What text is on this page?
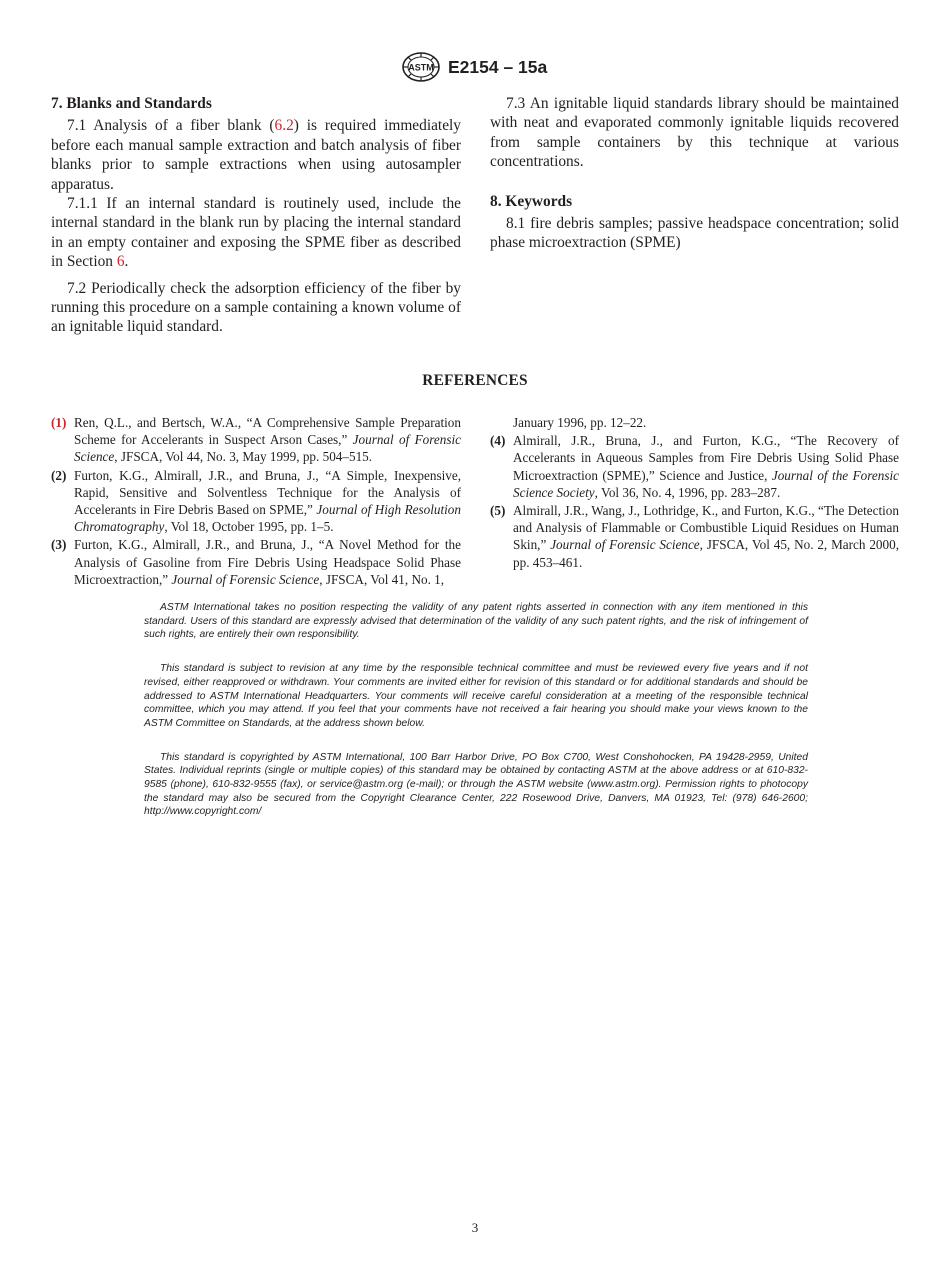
ASTM E2154 – 15a
7. Blanks and Standards

7.1 Analysis of a fiber blank (6.2) is required immediately before each manual sample extraction and batch analysis of fiber blanks prior to sample extractions when using autosampler apparatus.

7.1.1 If an internal standard is routinely used, include the internal standard in the blank run by placing the internal standard in an empty container and exposing the SPME fiber as described in Section 6.

7.2 Periodically check the adsorption efficiency of the fiber by running this procedure on a sample containing a known volume of an ignitable liquid standard.

7.3 An ignitable liquid standards library should be maintained with neat and evaporated commonly ignitable liquids recovered from sample containers by this technique at various concentrations.

8. Keywords

8.1 fire debris samples; passive headspace concentration; solid phase microextraction (SPME)

REFERENCES
(1) Ren, Q.L., and Bertsch, W.A., “A Comprehensive Sample Preparation Scheme for Accelerants in Suspect Arson Cases,” Journal of Forensic Science, JFSCA, Vol 44, No. 3, May 1999, pp. 504–515.
(2) Furton, K.G., Almirall, J.R., and Bruna, J., “A Simple, Inexpensive, Rapid, Sensitive and Solventless Technique for the Analysis of Accelerants in Fire Debris Based on SPME,” Journal of High Resolution Chromatography, Vol 18, October 1995, pp. 1–5.
(3) Furton, K.G., Almirall, J.R., and Bruna, J., “A Novel Method for the Analysis of Gasoline from Fire Debris Using Headspace Solid Phase Microextraction,” Journal of Forensic Science, JFSCA, Vol 41, No. 1,
January 1996, pp. 12–22.
(4) Almirall, J.R., Bruna, J., and Furton, K.G., “The Recovery of Accelerants in Aqueous Samples from Fire Debris Using Solid Phase Microextraction (SPME),” Science and Justice, Journal of the Forensic Science Society, Vol 36, No. 4, 1996, pp. 283–287.
(5) Almirall, J.R., Wang, J., Lothridge, K., and Furton, K.G., “The Detection and Analysis of Flammable or Combustible Liquid Residues on Human Skin,” Journal of Forensic Science, JFSCA, Vol 45, No. 2, March 2000, pp. 453–461.

ASTM International takes no position respecting the validity of any patent rights asserted in connection with any item mentioned in this standard. Users of this standard are expressly advised that determination of the validity of any such patent rights, and the risk of infringement of such rights, are entirely their own responsibility.

This standard is subject to revision at any time by the responsible technical committee and must be reviewed every five years and if not revised, either reapproved or withdrawn. Your comments are invited either for revision of this standard or for additional standards and should be addressed to ASTM International Headquarters. Your comments will receive careful consideration at a meeting of the responsible technical committee, which you may attend. If you feel that your comments have not received a fair hearing you should make your views known to the ASTM Committee on Standards, at the address shown below.

This standard is copyrighted by ASTM International, 100 Barr Harbor Drive, PO Box C700, West Conshohocken, PA 19428-2959, United States. Individual reprints (single or multiple copies) of this standard may be obtained by contacting ASTM at the above address or at 610-832-9585 (phone), 610-832-9555 (fax), or service@astm.org (e-mail); or through the ASTM website (www.astm.org). Permission rights to photocopy the standard may also be secured from the Copyright Clearance Center, 222 Rosewood Drive, Danvers, MA 01923, Tel: (978) 646-2600; http://www.copyright.com/

3
